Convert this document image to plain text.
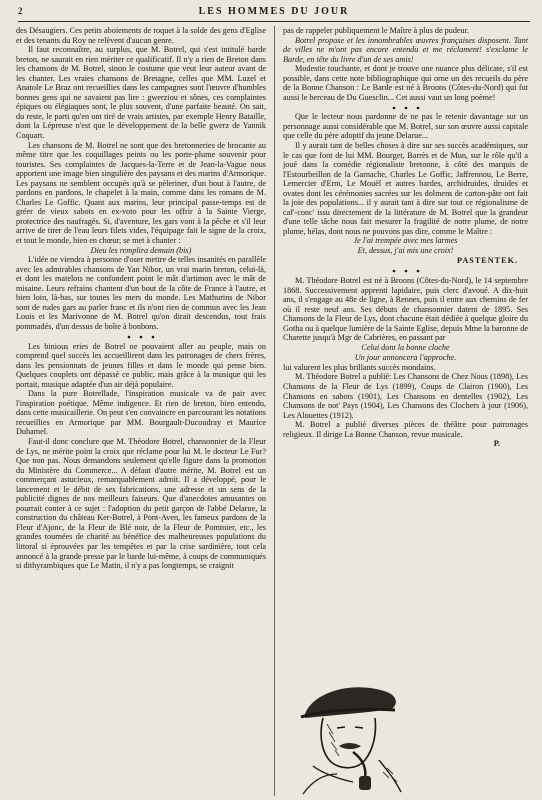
2	LES HOMMES DU JOUR

des Désaugiers. Ces petits aboiements de roquet à la solde des gens d'Eglise et des tenants du Roy ne relèvent d'aucun genre.

Il faut reconnaître, au surplus, que M. Botrel, qui s'est intitulé barde breton, ne saurait en rien mériter ce qualificatif. Il n'y a rien de Breton dans les chansons de M. Botrel, sinon le costume que veut leur auteur avant de les chanter. Les vraies chansons de Bretagne, celles que MM. Luzel et Anatole Le Braz ont recueillies dans les campagnes sont l'œuvre d'humbles bonnes gens qui ne savaient pas lire : gwerziou et sônes, ces complaintes épiques ou élégiaques sont, le plus souvent, d'une parfaite beauté. On sait, du reste, le parti qu'en ont tiré de vrais artistes, par exemple Henry Bataille, dont la Lépreuse n'est que le développement de la belle gwerz de Yannik Coquart.

Les chansons de M. Botrel ne sont que des bretonneries de brocante au même titre que les coquillages peints ou les porte-plume souvenir pour touristes. Ses complaintes de Jacques-la-Terre et de Jean-la-Vague nous apportent une image bien singulière des paysans et des marins d'Armorique. Les paysans ne semblent occupés qu'à se pèleriner, d'un bout à l'autre, de pardons en pardons, le chapelet à la main, comme dans les romans de M. Charles Le Goffic. Quant aux marins, leur principal passe-temps est de gréer de vieux sabots en ex-voto pour les offrir à la Sainte Vierge, protectrice des naufragés. Si, d'aventure, les gars vont à la pêche et s'il leur arrive de tirer de l'eau leurs filets vides, l'équipage fait le signe de la croix, et tout le monde, bien en chœur, se met à chanter :

Dieu les remplira demain (bis)

L'idée ne viendra à personne d'oser mettre de telles insanités en parallèle avec les admirables chansons de Yan Nibor, un vrai marin breton, celui-là, et dont les matelots ne confondent point le mât d'artimon avec le mât de misaine. Leurs refrains chantent d'un bout de la côte de France à l'autre, et bien loin, là-bas, sur toutes les mers du monde. Les Mathurins de Nibor sont de rudes gars au parler franc et ils n'ont rien de commun avec les Jean Louis et les Marivonne de M. Botrel qu'on dirait descendus, tout frais pommadés, d'un dessus de boîte à bonbons.

Les binious eries de Botrel ne pouvaient aller au peuple, mais on comprend quel succès les accueillirent dans les patronages de chers frères, dans les pensionnats de jeunes filles et dans le monde qui pense bien. Quelques couplets ont dépassé ce public, mais grâce à la musique qui les portait, musique adaptée d'un air déjà populaire.

Dans la pure Botrellade, l'inspiration musicale va de pair avec l'inspiration poétique. Même indigence. Et rien de breton, bien entendu, dans cette musicaillerie. On peut s'en convaincre en parcourant les notations recueillies en Armorique par MM. Bourgault-Ducoudray et Maurice Duhamel.

Faut-il donc conclure que M. Théodore Botrel, chansonnier de la Fleur de Lys, ne mérite point la croix que réclame pour lui M. le docteur Le Fur? Que non pas. Nous demandons seulement qu'elle figure dans la promotion du Ministère du Commerce... A défaut d'autre mérite, M. Botrel est un commerçant astucieux, remarquablement adroit. Il a développé, pour le lancement et le débit de ses fabrications, une adresse et un sens de la publicité dignes de nos meilleurs faiseurs. Que d'anecdotes amusantes on pourrait conter à ce sujet : l'adoption du petit garçon de l'abbé Delarue, la construction du château Ker-Botrel, à Pont-Aven, les fameux pardons de la Fleur d'Ajonc, de la Fleur de Blé noir, de la Fleur de Pommier, etc., les grandes tournées de charité au bénéfice des malheureuses populations du littoral si éprouvées par les tempêtes et par la crise sardinière, tout cela annoncé à la grande presse par le barde lui-même, à coups de communiqués si dithyrambiques que Le Matin, il n'y a pas longtemps, se craignit

pas de rappeler publiquement le Maître à plus de pudeur.

Botrel propose et les innombrables œuvres françaises disposent. Tant de villes ne m'ont pas encore entendu et me réclament! s'exclame le Barde, en tête du livre d'un de ses amis!

Modestie touchante, et dont je trouve une nuance plus délicate, s'il est possible, dans cette note bibliographique qui orne un des recueils du père de la Bonne Chanson : Le Barde est né à Broons (Côtes-du-Nord) qui fut aussi le berceau de Du Guesclin... Cet aussi vaut un long poème!

Que le lecteur nous pardonne de ne pas le retenir davantage sur un personnage aussi considérable que M. Botrel, sur son œuvre aussi capitale que celle du père adoptif du jeune Delarue...

Il y aurait tant de belles choses à dire sur ses succès académiques, sur le cas que font de lui MM. Bourget, Barrès et de Mun, sur le rôle qu'il a joué dans la comédie régionaliste bretonne, à côté des marquis de l'Estourbeillon de la Garnache, Charles Le Goffic, Jaffrennou, Le Berre, Lemercier d'Erm, Le Mouël et autres bardes, archidruides, druides et ovates dont les cérémonies sacrées sur les dolmens de carton-pâte ont fait la joie des populations... il y aurait tant à dire sur tout ce régionalisme de caf'-conc' issu directement de la littérature de M. Botrel que la grandeur d'une telle tâche nous fait mesurer la fragilité de notre plume, de notre plume, hélas, dont nous ne pouvons pas dire, comme le Maître :

Je l'ai trempée avec mes larmes

Et, dessus, j'ai mis une croix!

PASTENTEK.

M. Théodore Botrel est né à Broons (Côtes-du-Nord), le 14 septembre 1868. Successivement apprenti lapidaire, puis clerc d'avoué. A dix-huit ans, il s'engage au 48e de ligne, à Rennes, puis il entre aux chemins de fer où il reste neuf ans. Ses débuts de chansonnier datent de 1895. Ses Chansons de la Fleur de Lys, dont chacune était dédiée à quelque gloire du Gotha ou à quelque lumière de la Sainte Eglise, depuis Mme la baronne de Charette jusqu'à Mgr de Cabrières, en passant par

Celui dont la bonne cloche

Un jour annoncera l'approche.

lui valurent les plus brillants succès mondains.

M. Théodore Botrel a publié: Les Chansons de Chez Nous (1898), Les Chansons de la Fleur de Lys (1899), Coups de Clairon (1900), Les Chansons en sabots (1901), Les Chansons en dentelles (1902), Les Chansons de not' Pays (1904), Les Chansons des Clochers à jour (1906), Les Alouettes (1912).

M. Botrel a publié diverses pièces de théâtre pour patronages religieux. Il dirige La Bonne Chanson, revue musicale.

P.
